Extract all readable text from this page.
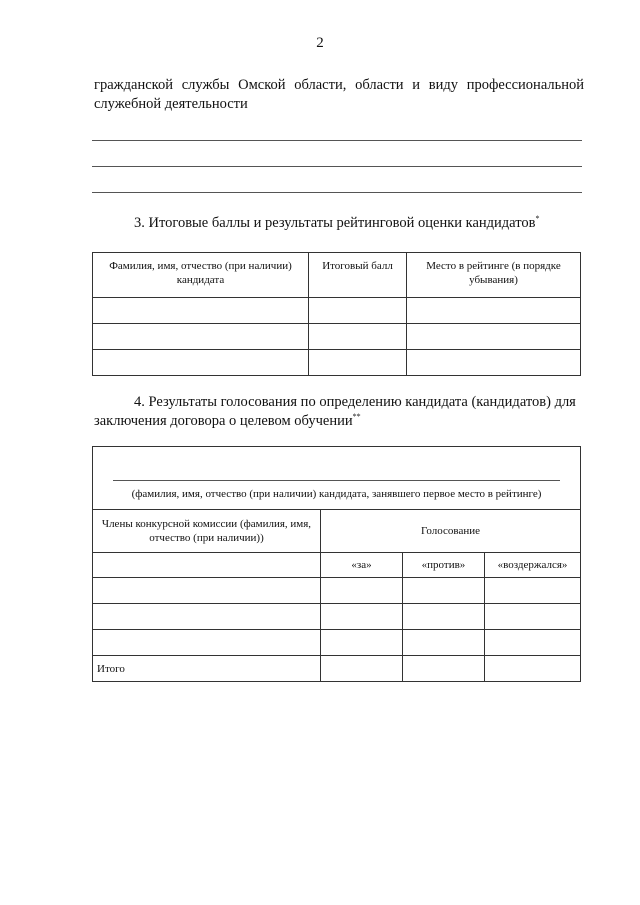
2
гражданской службы Омской области, области и виду профессиональной служебной деятельности
3. Итоговые баллы и результаты рейтинговой оценки кандидатов*
Фамилия, имя, отчество (при наличии) кандидата	Итоговый балл	Место в рейтинге (в порядке убывания)

4. Результаты голосования по определению кандидата (кандидатов) для заключения договора о целевом обучении**
(фамилия, имя, отчество (при наличии) кандидата, занявшего первое место в рейтинге)			

Члены конкурсной комиссии (фамилия, имя, отчество (при наличии))	Голосование		
	«за»	«против»	«воздержался»

Итого			
